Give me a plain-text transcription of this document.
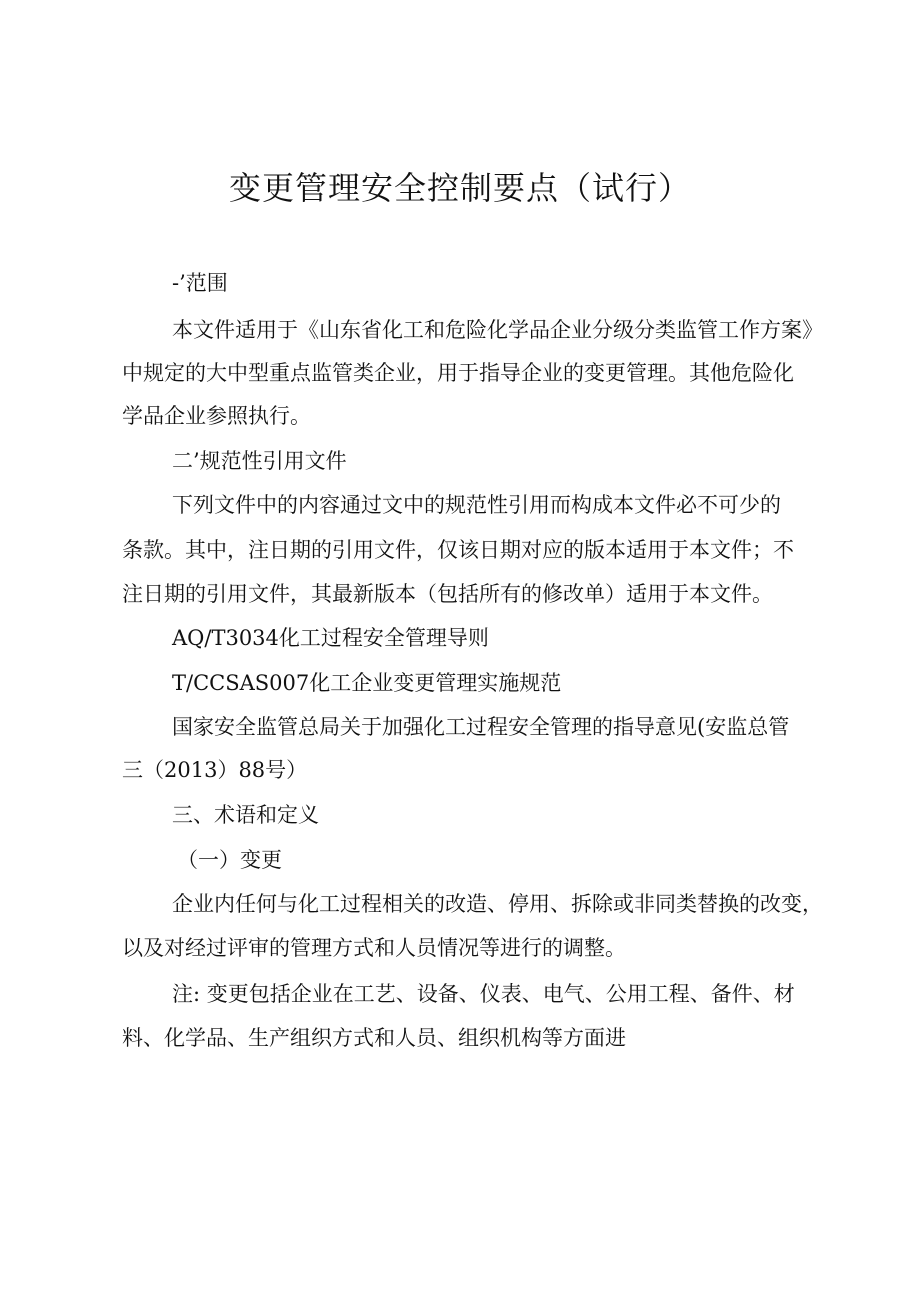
变更管理安全控制要点（试行）
-’范围
本文件适用于《山东省化工和危险化学品企业分级分类监管工作方案》
中规定的大中型重点监管类企业，用于指导企业的变更管理。其他危险化
学品企业参照执行。
二’规范性引用文件
下列文件中的内容通过文中的规范性引用而构成本文件必不可少的
条款。其中，注日期的引用文件，仅该日期对应的版本适用于本文件；不
注日期的引用文件，其最新版本（包括所有的修改单）适用于本文件。
AQ/T3034化工过程安全管理导则
T/CCSAS007化工企业变更管理实施规范
国家安全监管总局关于加强化工过程安全管理的指导意见(安监总管
三（2013）88号）
三、术语和定义
（一）变更
企业内任何与化工过程相关的改造、停用、拆除或非同类替换的改变，
以及对经过评审的管理方式和人员情况等进行的调整。
注: 变更包括企业在工艺、设备、仪表、电气、公用工程、备件、材
料、化学品、生产组织方式和人员、组织机构等方面进
